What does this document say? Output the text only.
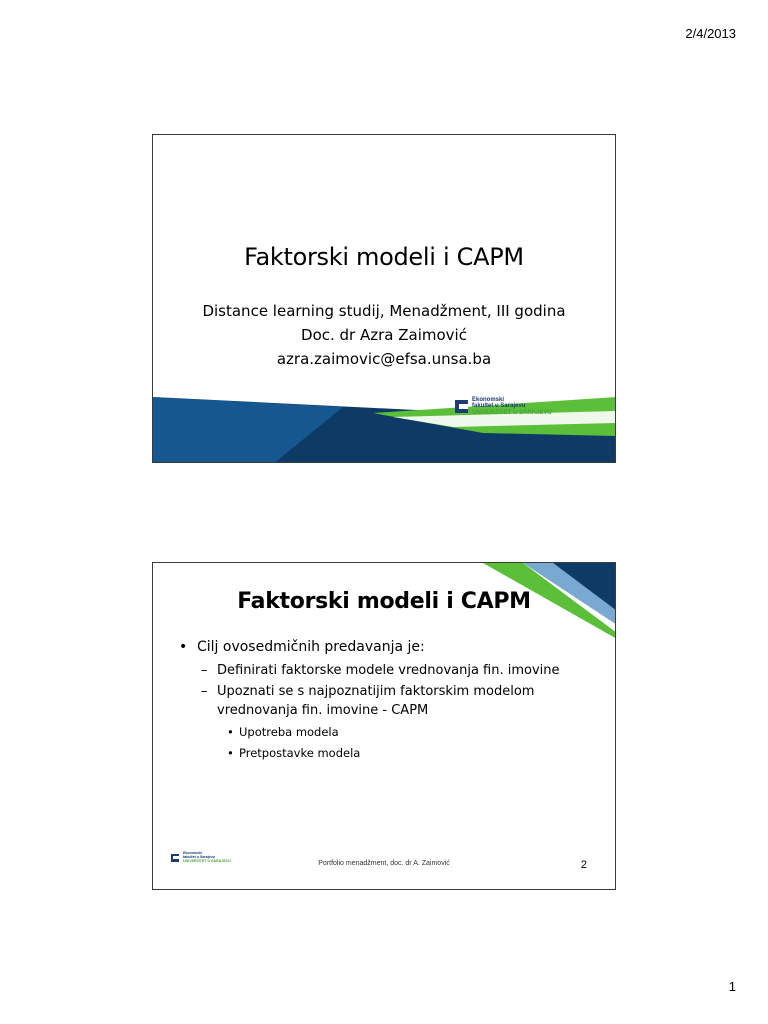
2/4/2013
Faktorski modeli i CAPM
Distance learning studij, Menadžment, III godina
Doc. dr Azra Zaimović
azra.zaimovic@efsa.unsa.ba
Ekonomski
fakultet u Sarajevu
UNIVERZITET U SARAJEVU
Faktorski modeli i CAPM
• Cilj ovosedmičnih predavanja je:
– Definirati faktorske modele vrednovanja fin. imovine
– Upoznati se s najpoznatijim faktorskim modelom vrednovanja fin. imovine - CAPM
• Upotreba modela
• Pretpostavke modela
Ekonomski
fakultet u Sarajevu
UNIVERZITET U SARAJEVU	Portfolio menadžment, doc. dr A. Zaimović	2
1
